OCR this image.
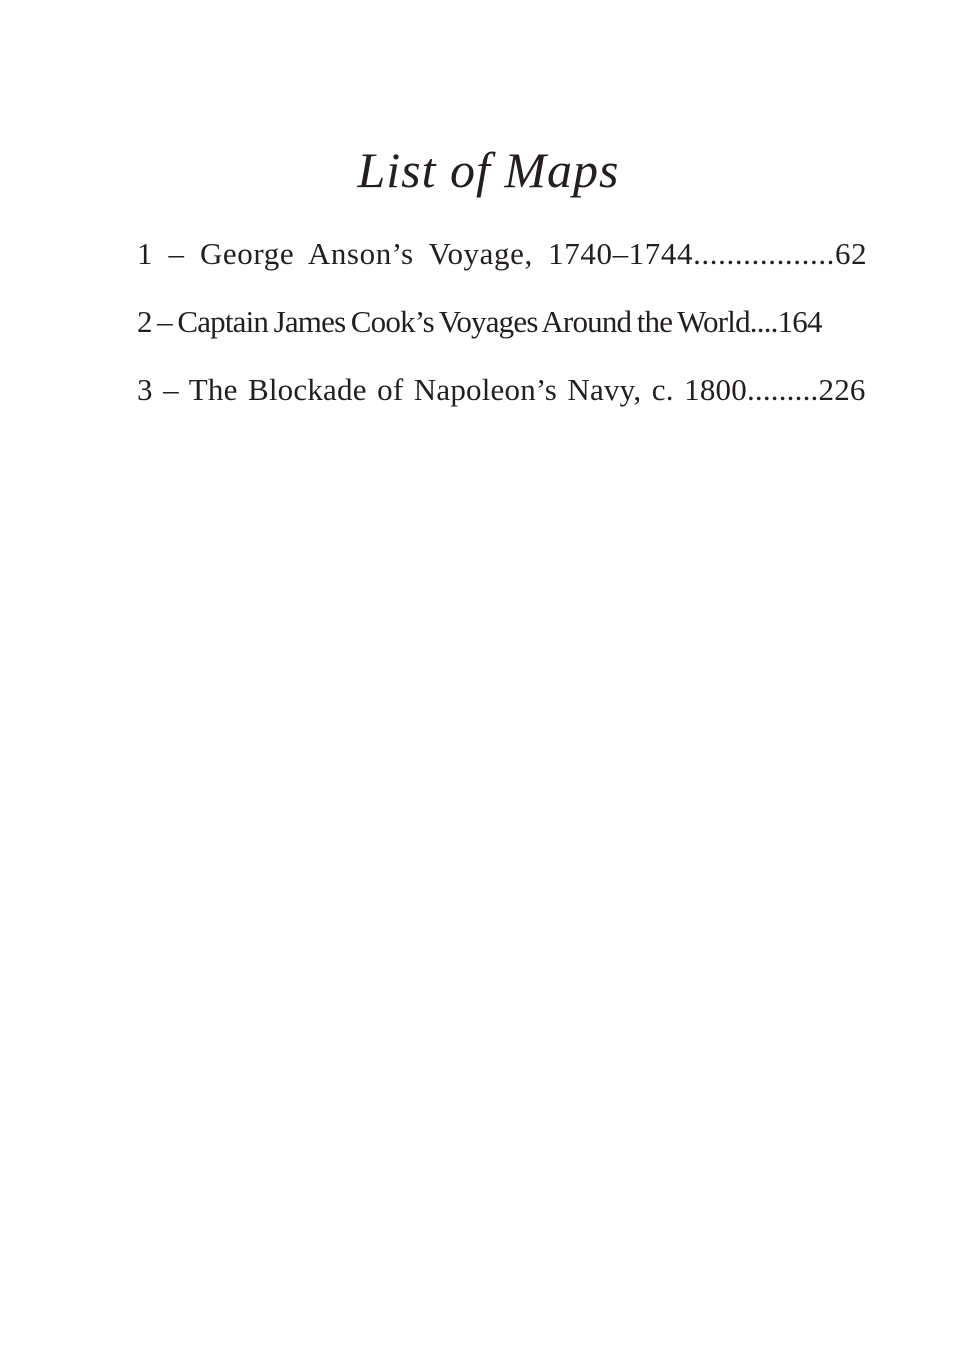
List of Maps
1 – George Anson’s Voyage, 1740–1744.................62
2 – Captain James Cook’s Voyages Around the World....164
3 – The Blockade of Napoleon’s Navy, c. 1800.........226
